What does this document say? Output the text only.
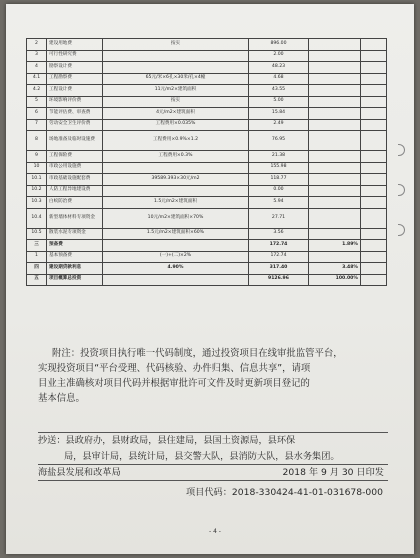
2	建设用地费	按实	896.00		
3	可行性研究费		2.00		
4	勘察设计费		48.23		
4.1	工程勘察费	65元/米×6孔×30米/孔×4幢	4.68		
4.2	工程设计费	11元/m2×建筑面积	43.55		
5	环境影响评价费	按实	5.00		
6	节能评估费、审查费	4元/m2×建筑面积	15.84		
7	劳动安全卫生评价费	工程费用×0.035%	2.49		
8	场地准备及临时设施费	工程费用×0.9%×1.2	76.95		
9	工程保险费	工程费用×0.3%	21.38		
10	市政公用设施费		155.98		
10.1	市政基础设施配套费	39589.393×30元/m2	118.77		
10.2	人防工程异地建设费		0.00		
10.3	白蚁防治费	1.5元/m2×建筑面积	5.94		
10.4	新型墙体材料专项资金	10元/m2×建筑面积×70%	27.71		
10.5	散装水泥专项资金	1.5元/m2×建筑面积×60%	3.56		
三	预备费		172.74	1.89%	
1	基本预备费	(一)+(二)×2%	172.74		
四	建设期贷款利息	4.90%	317.40	3.48%	
五	项目概算总投资		9126.96	100.00%	

附注：投资项目执行唯一代码制度，通过投资项目在线审批监管平台，

实现投资项目“平台受理、代码核验、办件归集、信息共享”，请项

目业主准确核对项目代码并根据审批许可文件及时更新项目登记的

基本信息。

抄送：县政府办，县财政局，县住建局，县国土资源局，县环保
局，县审计局，县统计局，县交警大队，县消防大队，县水务集团。
海盐县发展和改革局	2018 年 9 月 30 日印发
项目代码：2018-330424-41-01-031678-000
- 4 -
